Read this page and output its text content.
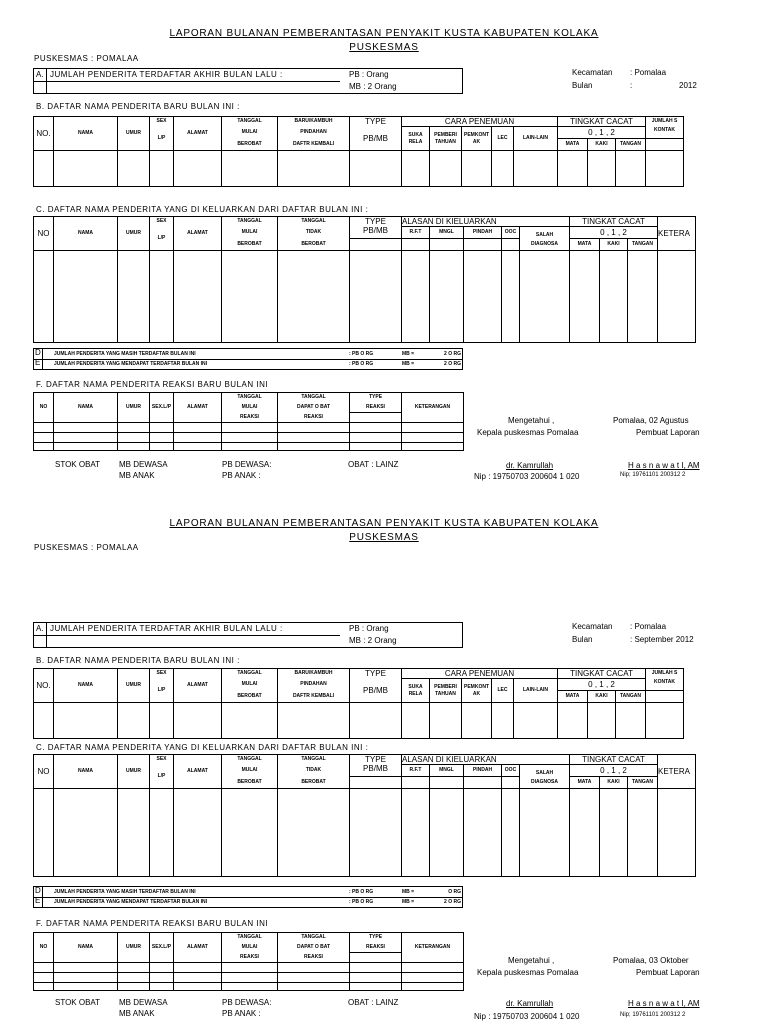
LAPORAN BULANAN PEMBERANTASAN PENYAKIT KUSTA KABUPATEN KOLAKA
PUSKESMAS
PUSKESMAS : POMALAA
A. JUMLAH PENDERITA TERDAFTAR AKHIR BULAN LALU :	PB : Orang
MB : 2 Orang
Kecamatan : Pomalaa
Bulan	:	2012
B. DAFTAR NAMA PENDERITA BARU BULAN INI :
NO.	NAMA	UMUR	SEX	ALAMAT	TANGGAL	BARU/KAMBUH	TYPE	CARA PENEMUAN					TINGKAT CACAT			JUMLAH S
			L/P		MULAI	PINDAHAN	PB/MB	SUKA RELA	PEMBERI TAHUAN	PEMKONT AK	LEC	LAIN-LAIN	0 , 1 , 2			KONTAK
					BEROBAT	DAFTR KEMBALI							MATA	KAKI	TANGAN	

C. DAFTAR NAMA PENDERITA YANG DI KELUARKAN DARI DAFTAR BULAN INI :
NO	NAMA	UMUR	SEX	ALAMAT	TANGGAL	TANGGAL	TYPE	ALASAN DI KIELUARKAN					TINGKAT CACAT			KETERA
			L/P		MULAI	TIDAK	PB/MB	R.F.T	MNGL	PINDAH	OOC	SALAH	0 , 1 , 2			
					BEROBAT	BEROBAT						DIAGNOSA	MATA	KAKI	TANGAN	

D	JUMLAH PENDERITA YANG MASIH TERDAFTAR BULAN INI	: PB O RG	MB =	2 O RG
E	JUMLAH PENDERITA YANG MENDAPAT TERDAFTAR BULAN INI	: PB O RG	MB =	2 O RG
F. DAFTAR NAMA PENDERITA REAKSI BARU BULAN INI
NO	NAMA	UMUR	SEX.L/P	ALAMAT	TANGGAL	TANGGAL	TYPE	KETERANGAN
					MULAI	DAPAT O BAT	REAKSI	
					REAKSI	REAKSI		

									Mengetahui ,	Pomalaa, 02 Agustus
Kepala puskesmas Pomalaa	Pembuat Laporan
dr. Kamrullah	H a s n a w a t I, AM
Nip : 19750703 200604 1 020	Nip; 19761101 200312 2
STOK OBAT MB DEWASA	PB DEWASA:	OBAT : LAINZ
MB ANAK	PB ANAK :
LAPORAN BULANAN PEMBERANTASAN PENYAKIT KUSTA KABUPATEN KOLAKA
PUSKESMAS
PUSKESMAS : POMALAA
A. JUMLAH PENDERITA TERDAFTAR AKHIR BULAN LALU :	PB : Orang
MB : 2 Orang
Kecamatan : Pomalaa
Bulan	: September 2012
B. DAFTAR NAMA PENDERITA BARU BULAN INI :
NO.	NAMA	UMUR	SEX	ALAMAT	TANGGAL	BARU/KAMBUH	TYPE	CARA PENEMUAN					TINGKAT CACAT			JUMLAH S
			L/P		MULAI	PINDAHAN	PB/MB	SUKA RELA	PEMBERI TAHUAN	PEMKONT AK	LEC	LAIN-LAIN	0 , 1 , 2			KONTAK
					BEROBAT	DAFTR KEMBALI							MATA	KAKI	TANGAN	

C. DAFTAR NAMA PENDERITA YANG DI KELUARKAN DARI DAFTAR BULAN INI :
NO	NAMA	UMUR	SEX	ALAMAT	TANGGAL	TANGGAL	TYPE	ALASAN DI KIELUARKAN					TINGKAT CACAT			KETERA
			L/P		MULAI	TIDAK	PB/MB	R.F.T	MNGL	PINDAH	OOC	SALAH	0 , 1 , 2			
					BEROBAT	BEROBAT						DIAGNOSA	MATA	KAKI	TANGAN	

D	JUMLAH PENDERITA YANG MASIH TERDAFTAR BULAN INI	: PB O RG	MB =	O RG
E	JUMLAH PENDERITA YANG MENDAPAT TERDAFTAR BULAN INI	: PB O RG	MB =	2 O RG
F. DAFTAR NAMA PENDERITA REAKSI BARU BULAN INI
NO	NAMA	UMUR	SEX.L/P	ALAMAT	TANGGAL	TANGGAL	TYPE	KETERANGAN
					MULAI	DAPAT O BAT	REAKSI	
					REAKSI	REAKSI		

									Mengetahui ,	Pomalaa, 03 Oktober
Kepala puskesmas Pomalaa	Pembuat Laporan
dr. Kamrullah	H a s n a w a t I, AM
Nip : 19750703 200604 1 020	Nip; 19761101 200312 2
STOK OBAT MB DEWASA	PB DEWASA:	OBAT : LAINZ
MB ANAK	PB ANAK :
